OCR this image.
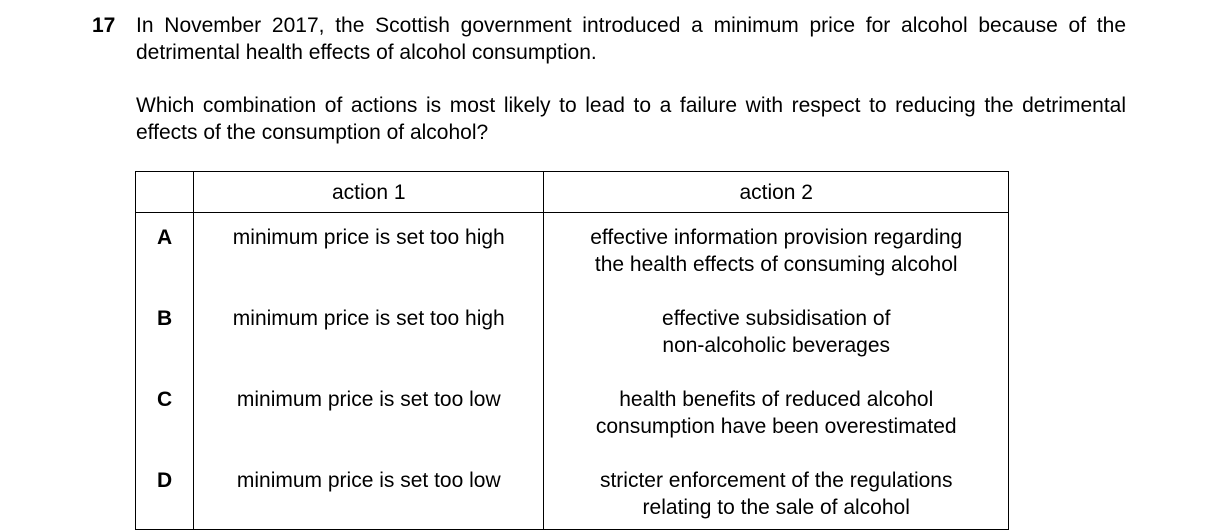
17 In November 2017, the Scottish government introduced a minimum price for alcohol because of the detrimental health effects of alcohol consumption.

Which combination of actions is most likely to lead to a failure with respect to reducing the detrimental effects of the consumption of alcohol?

	action 1	action 2
A	minimum price is set too high	effective information provision regarding
the health effects of consuming alcohol

B	minimum price is set too high	effective subsidisation of
non-alcoholic beverages

C	minimum price is set too low	health benefits of reduced alcohol
consumption have been overestimated

D	minimum price is set too low	stricter enforcement of the regulations
relating to the sale of alcohol
